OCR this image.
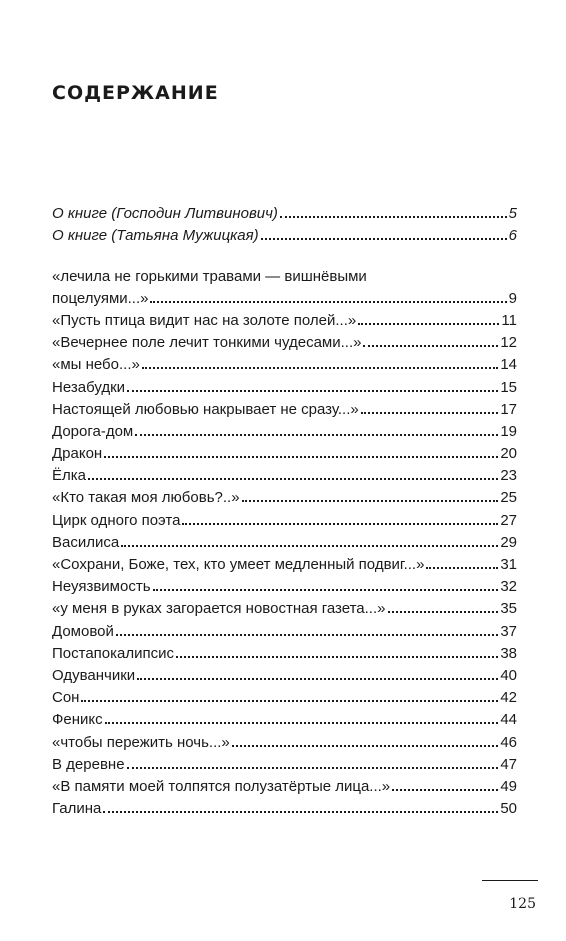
СОДЕРЖАНИЕ
О книге (Господин Литвинович)	5
О книге (Татьяна Мужицкая)	6
«лечила не горькими травами — вишнёвыми
поцелуями...»	9
«Пусть птица видит нас на золоте полей...»	11
«Вечернее поле лечит тонкими чудесами...»	12
«мы небо...»	14
Незабудки	15
Настоящей любовью накрывает не сразу...»	17
Дорога-дом	19
Дракон	20
Ёлка	23
«Кто такая моя любовь?..»	25
Цирк одного поэта	27
Василиса	29
«Сохрани, Боже, тех, кто умеет медленный подвиг...»	31
Неуязвимость	32
«у меня в руках загорается новостная газета...»	35
Домовой	37
Постапокалипсис	38
Одуванчики	40
Сон	42
Феникс	44
«чтобы пережить ночь...»	46
В деревне	47
«В памяти моей толпятся полузатёртые лица...»	49
Галина	50
125
